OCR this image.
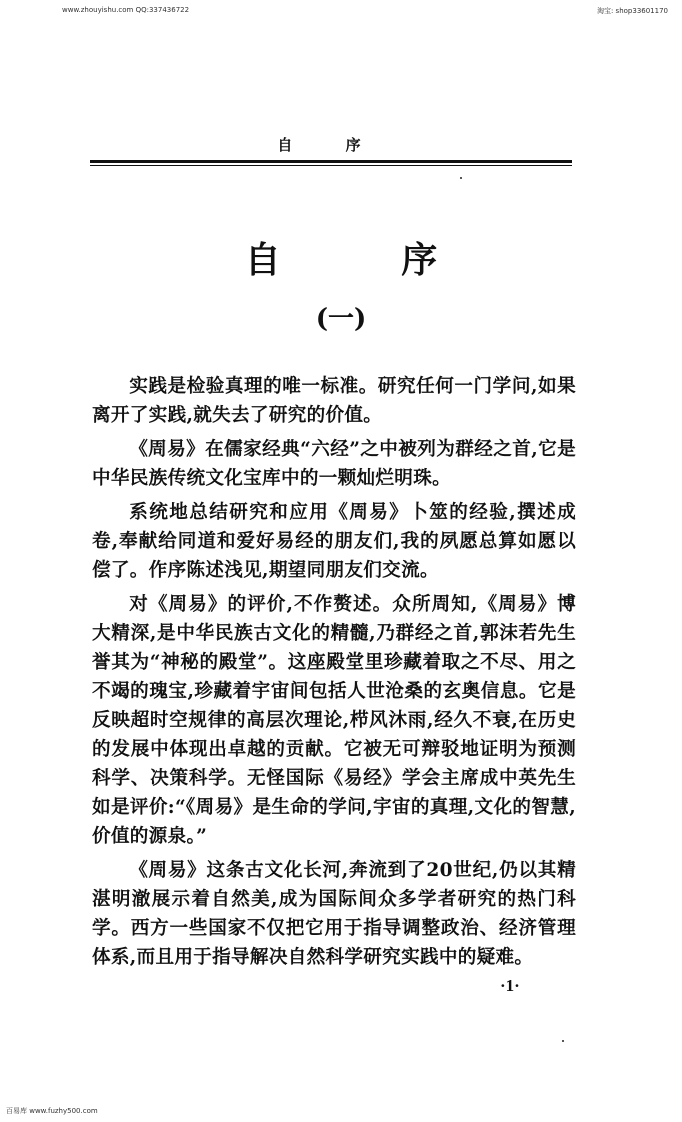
www.zhouyishu.com QQ:337436722	淘宝: shop33601170
自 序
自 序
(一)

实践是检验真理的唯一标准。研究任何一门学问,如果离开了实践,就失去了研究的价值。

《周易》在儒家经典“六经”之中被列为群经之首,它是中华民族传统文化宝库中的一颗灿烂明珠。

系统地总结研究和应用《周易》卜筮的经验,撰述成卷,奉献给同道和爱好易经的朋友们,我的夙愿总算如愿以偿了。作序陈述浅见,期望同朋友们交流。

对《周易》的评价,不作赘述。众所周知,《周易》博大精深,是中华民族古文化的精髓,乃群经之首,郭沫若先生誉其为“神秘的殿堂”。这座殿堂里珍藏着取之不尽、用之不竭的瑰宝,珍藏着宇宙间包括人世沧桑的玄奥信息。它是反映超时空规律的高层次理论,栉风沐雨,经久不衰,在历史的发展中体现出卓越的贡献。它被无可辩驳地证明为预测科学、决策科学。无怪国际《易经》学会主席成中英先生如是评价:“《周易》是生命的学问,宇宙的真理,文化的智慧,价值的源泉。”

《周易》这条古文化长河,奔流到了20世纪,仍以其精湛明澈展示着自然美,成为国际间众多学者研究的热门科学。西方一些国家不仅把它用于指导调整政治、经济管理体系,而且用于指导解决自然科学研究实践中的疑难。

·1·
百易库 www.fuzhy500.com
